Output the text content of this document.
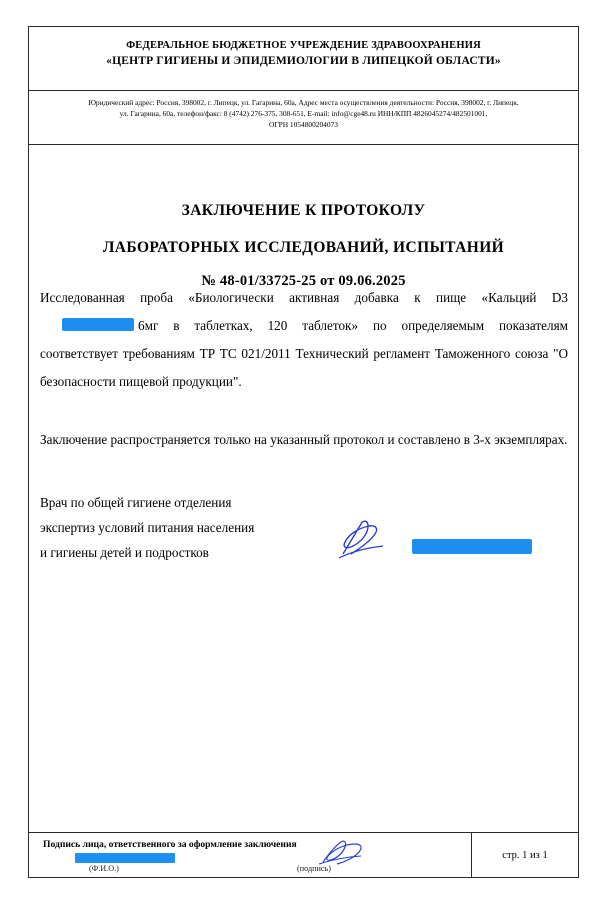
ФЕДЕРАЛЬНОЕ БЮДЖЕТНОЕ УЧРЕЖДЕНИЕ ЗДРАВООХРАНЕНИЯ
«ЦЕНТР ГИГИЕНЫ И ЭПИДЕМИОЛОГИИ В ЛИПЕЦКОЙ ОБЛАСТИ»
Юридический адрес: Россия, 398002, г. Липецк, ул. Гагарина, 60а, Адрес места осуществления деятельности: Россия, 398002, г. Липецк,
ул. Гагарина, 60а, телефон/факс: 8 (4742) 276-375, 308-651, E-mail: info@cge48.ru ИНН/КПП 4826045274/482501001,
ОГРН 1054800204073
ЗАКЛЮЧЕНИЕ К ПРОТОКОЛУ
ЛАБОРАТОРНЫХ ИССЛЕДОВАНИЙ, ИСПЫТАНИЙ
№ 48-01/33725-25 от 09.06.2025
Исследованная проба «Биологически активная добавка к пище «Кальций D3 6мг в таблетках, 120 таблеток» по определяемым показателям соответствует требованиям ТР ТС 021/2011 Технический регламент Таможенного союза "О безопасности пищевой продукции".
Заключение распространяется только на указанный протокол и составлено в 3-х экземплярах.
Врач по общей гигиене отделения
экспертиз условий питания населения
и гигиены детей и подростков
Подпись лица, ответственного за оформление заключения
(Ф.И.О.)	(подпись)
стр. 1 из 1
